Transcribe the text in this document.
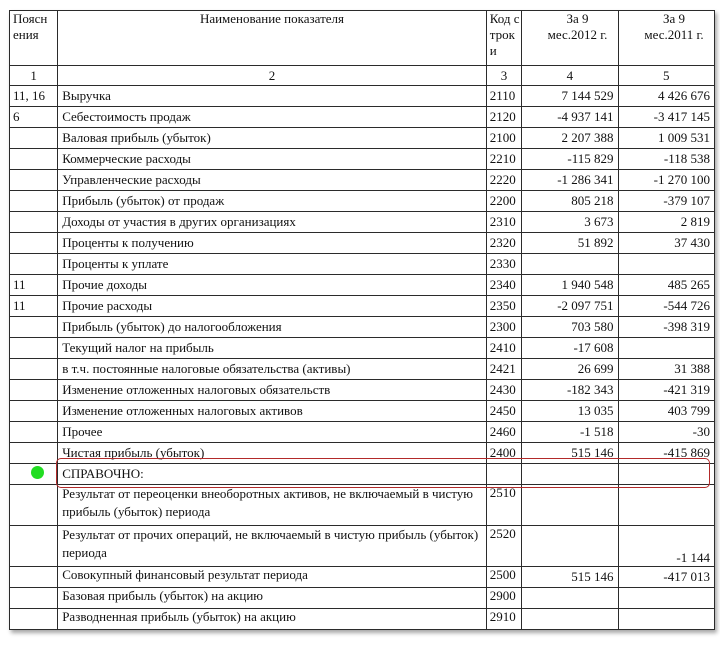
Пояснения	Наименование показателя	Код строки	За 9 мес.2012 г.	За 9 мес.2011 г.

1	2	3	4	5
11, 16	Выручка	2110	7 144 529	4 426 676
6	Себестоимость продаж	2120	-4 937 141	-3 417 145
	Валовая прибыль (убыток)	2100	2 207 388	1 009 531
	Коммерческие расходы	2210	-115 829	-118 538
	Управленческие расходы	2220	-1 286 341	-1 270 100
	Прибыль (убыток) от продаж	2200	805 218	-379 107
	Доходы от участия в других организациях	2310	3 673	2 819
	Проценты к получению	2320	51 892	37 430
	Проценты к уплате	2330		
11	Прочие доходы	2340	1 940 548	485 265
11	Прочие расходы	2350	-2 097 751	-544 726
	Прибыль (убыток) до налогообложения	2300	703 580	-398 319
	Текущий налог на прибыль	2410	-17 608	
	в т.ч. постоянные налоговые обязательства (активы)	2421	26 699	31 388
	Изменение отложенных налоговых обязательств	2430	-182 343	-421 319
	Изменение отложенных налоговых активов	2450	13 035	403 799
	Прочее	2460	-1 518	-30
	Чистая прибыль (убыток)	2400	515 146	-415 869
	СПРАВОЧНО:			
	Результат от переоценки внеоборотных активов, не включаемый в чистую прибыль (убыток) периода	2510		
	Результат от прочих операций, не включаемый в чистую прибыль (убыток) периода	2520		-1 144
	Совокупный финансовый результат периода	2500	515 146	-417 013
	Базовая прибыль (убыток) на акцию	2900		
	Разводненная прибыль (убыток) на акцию	2910		
